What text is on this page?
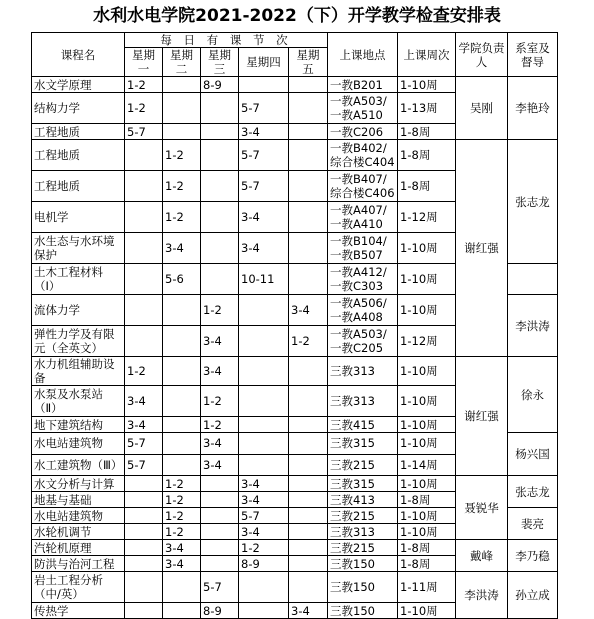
水利水电学院2021-2022（下）开学教学检查安排表
课程名	每 日 有 课 节 次					上课地点	上课周次	学院负责人	系室及督导	
	星期一	星期二	星期三	星期四	星期五					
水文学原理	1-2		8-9			一教B201	1-10周	吴刚	李艳玲	
结构力学	1-2			5-7		一教A503/一教A510	1-13周			
工程地质	5-7			3-4		一教C206	1-8周			
工程地质		1-2		5-7		一教B402/综合楼C404	1-8周	谢红强	张志龙	
工程地质		1-2		5-7		一教B407/综合楼C406	1-8周			
电机学		1-2		3-4		一教A407/一教A410	1-12周			
水生态与水环境保护		3-4		3-4		一教B104/一教B507	1-10周	
土木工程材料（Ⅰ）		5-6		10-11		一教A412/一教C303	1-10周			
流体力学			1-2		3-4	一教A506/一教A408	1-10周		李洪涛	
弹性力学及有限元（全英文）			3-4		1-2	一教A503/一教C205	1-12周			
水力机组辅助设备	1-2		3-4			三教313	1-10周	谢红强	徐永	
水泵及水泵站（Ⅱ）	3-4		1-2			三教313	1-10周			
地下建筑结构	3-4		1-2			三教415	1-10周			
水电站建筑物	5-7		3-4			三教315	1-10周		杨兴国	
水工建筑物（Ⅲ）	5-7		3-4			三教215	1-14周			
水文分析与计算		1-2		3-4		三教315	1-10周	聂锐华	张志龙	
地基与基础		1-2		3-4		三教413	1-8周			
水电站建筑物		1-2		5-7		三教215	1-10周		裴亮	
水轮机调节		1-2		3-4		三教313	1-10周			
汽轮机原理		3-4		1-2		三教215	1-8周	戴峰	李乃稳	
防洪与治河工程		3-4		8-9		三教150	1-8周			
岩土工程分析（中/英）			5-7			三教150	1-11周	李洪涛	孙立成	
传热学			8-9		3-4	三教150	1-10周			
